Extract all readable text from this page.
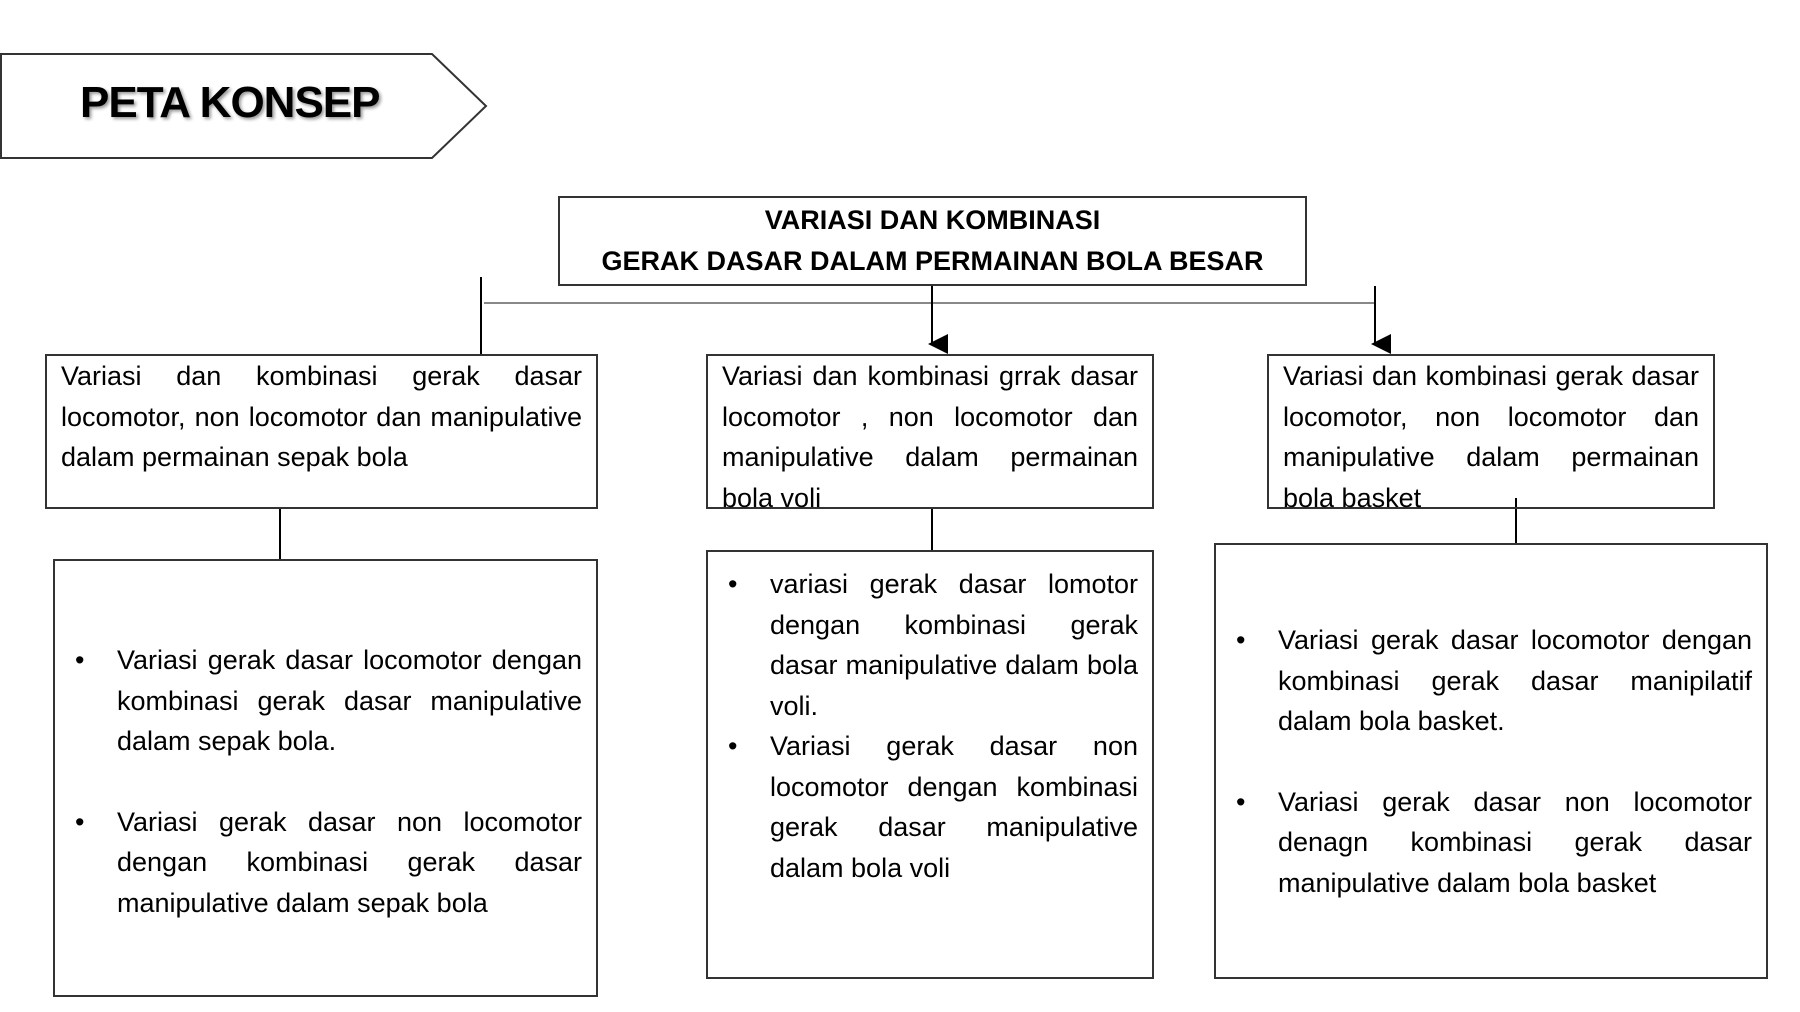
PETA KONSEP
VARIASI DAN KOMBINASI
GERAK DASAR DALAM PERMAINAN BOLA BESAR
Variasi dan kombinasi gerak dasar locomotor, non locomotor dan manipulative dalam permainan sepak bola
Variasi dan kombinasi grrak dasar locomotor , non locomotor dan manipulative dalam permainan bola voli
Variasi dan kombinasi gerak dasar locomotor, non locomotor dan manipulative dalam permainan bola basket
• Variasi gerak dasar locomotor dengan kombinasi gerak dasar manipulative dalam sepak bola.
• Variasi gerak dasar non locomotor dengan kombinasi gerak dasar manipulative dalam sepak bola
• variasi gerak dasar lomotor dengan kombinasi gerak dasar manipulative dalam bola voli.
• Variasi gerak dasar non locomotor dengan kombinasi gerak dasar manipulative dalam bola voli
• Variasi gerak dasar locomotor dengan kombinasi gerak dasar manipilatif dalam bola basket.
• Variasi gerak dasar non locomotor denagn kombinasi gerak dasar manipulative dalam bola basket
